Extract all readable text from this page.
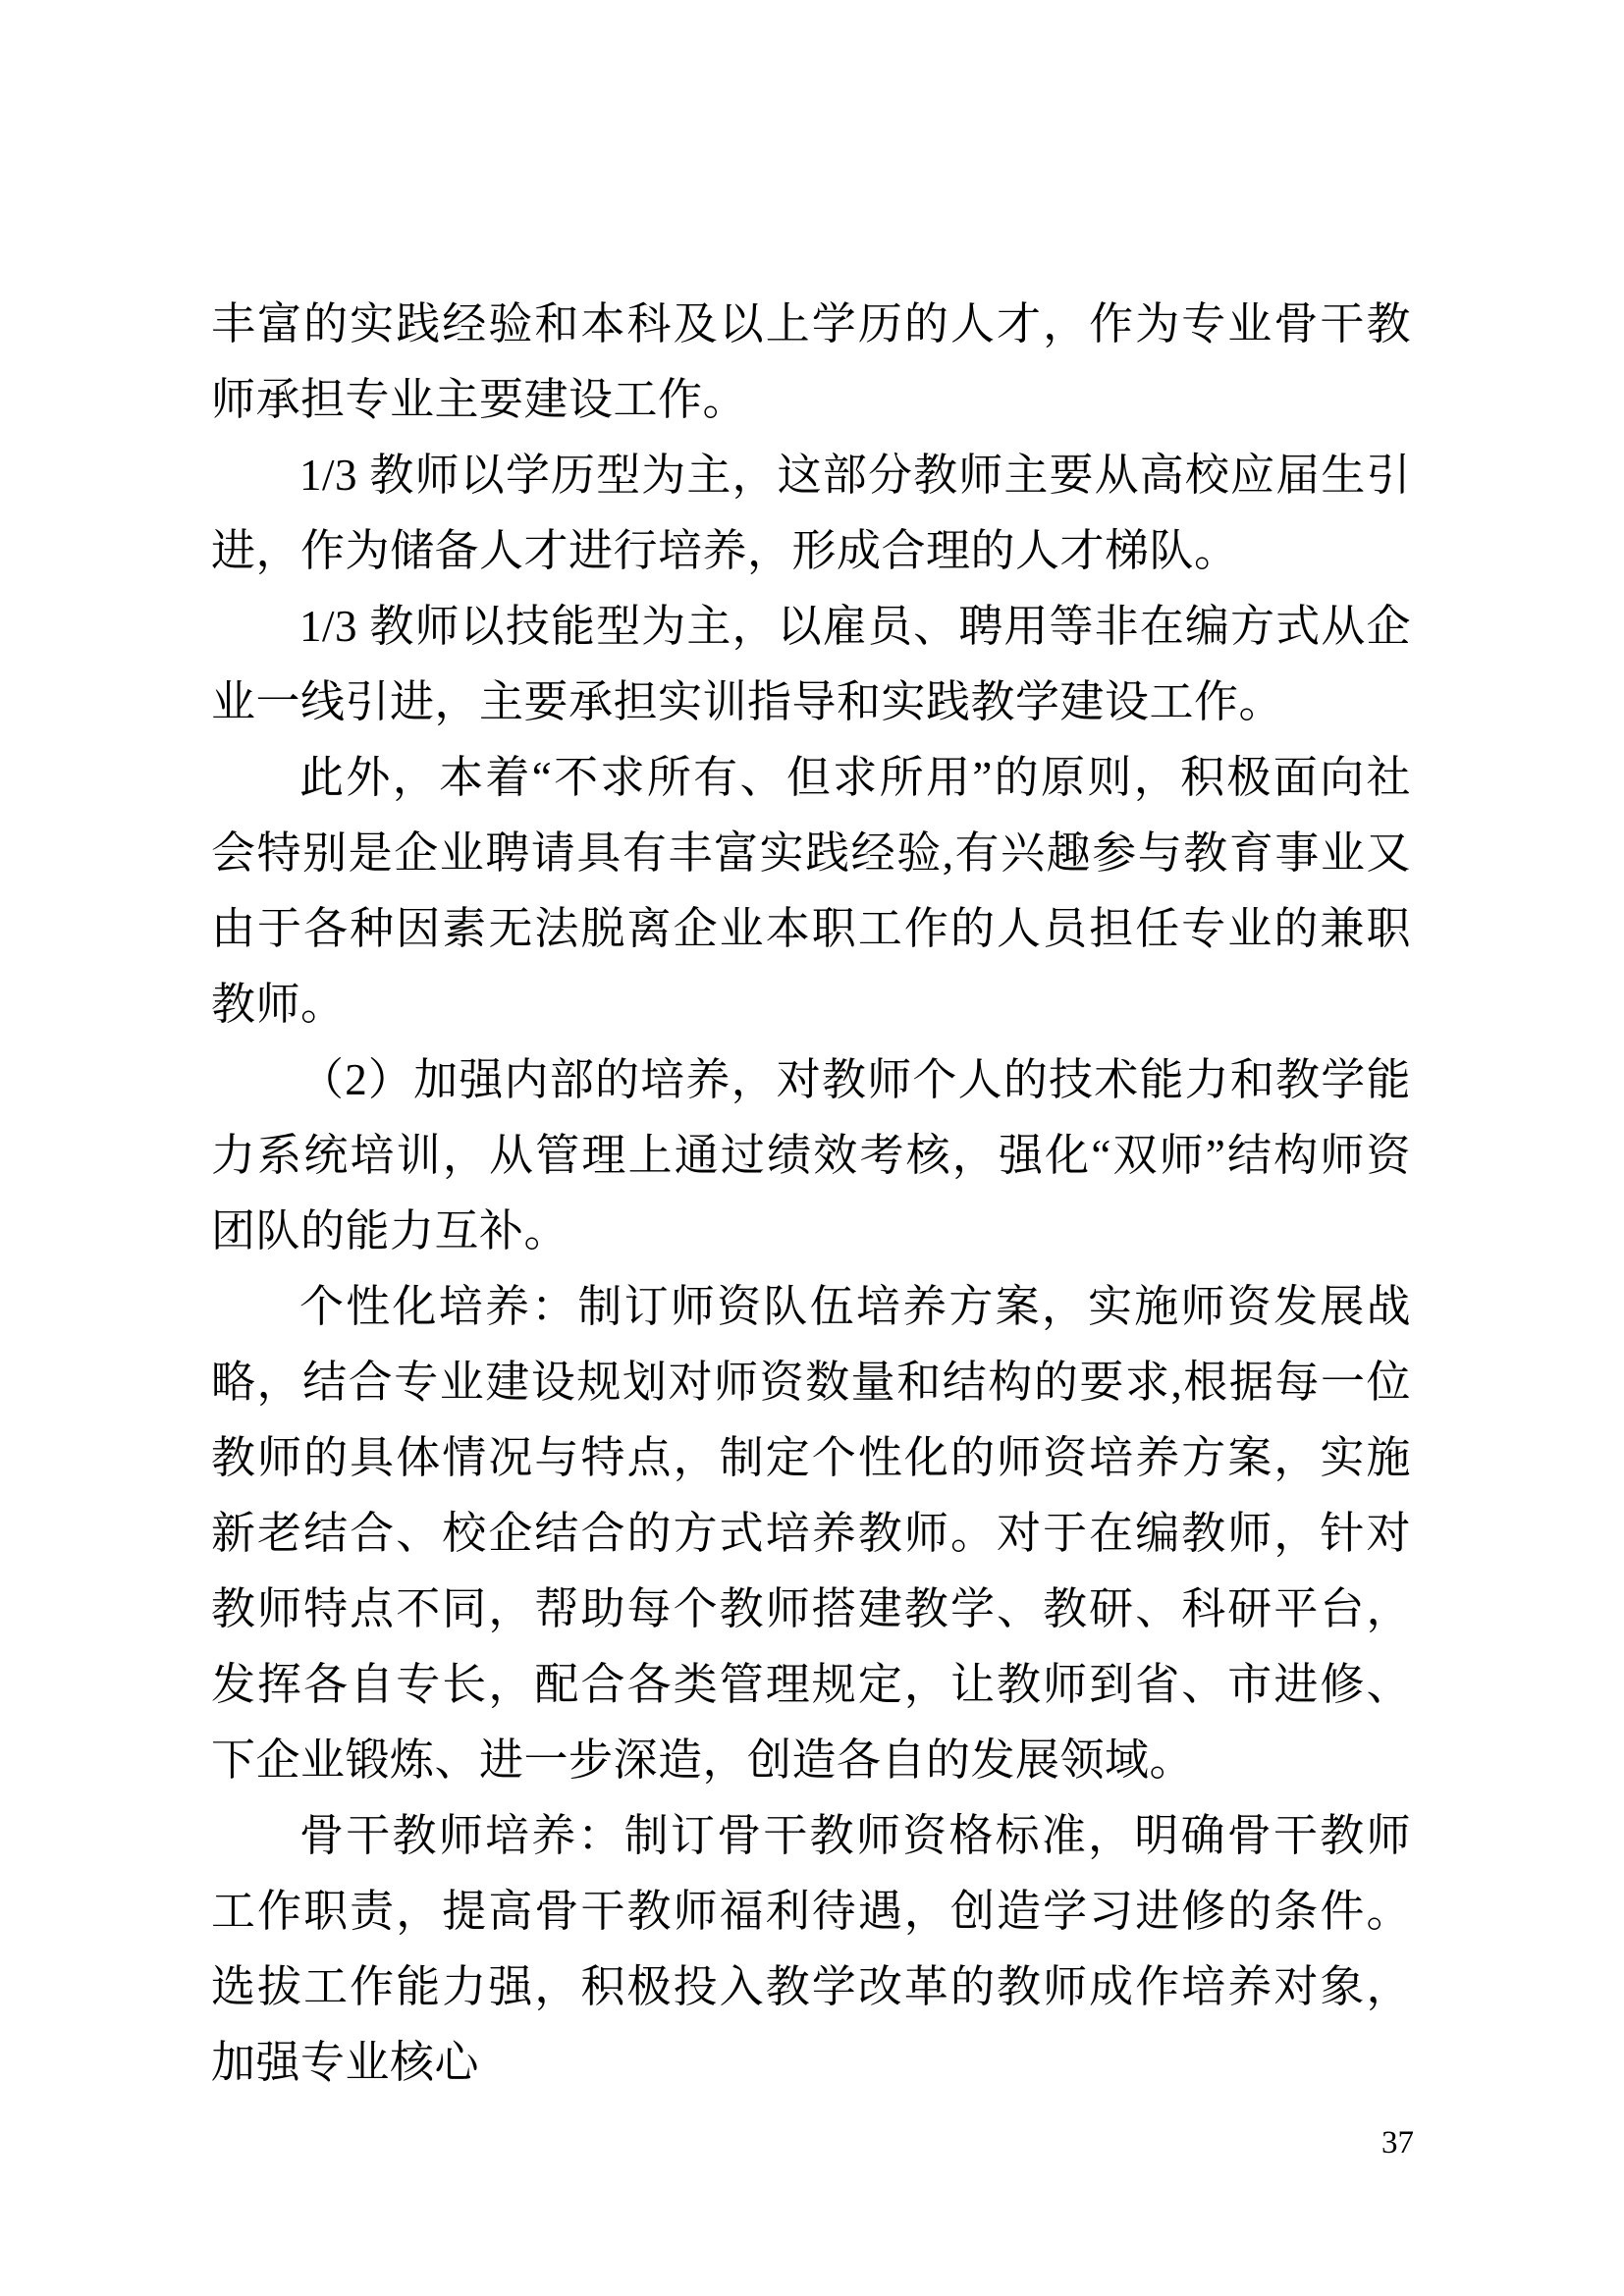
丰富的实践经验和本科及以上学历的人才，作为专业骨干教师承担专业主要建设工作。

1/3 教师以学历型为主，这部分教师主要从高校应届生引进，作为储备人才进行培养，形成合理的人才梯队。

1/3 教师以技能型为主，以雇员、聘用等非在编方式从企业一线引进，主要承担实训指导和实践教学建设工作。

此外，本着“不求所有、但求所用”的原则，积极面向社会特别是企业聘请具有丰富实践经验,有兴趣参与教育事业又由于各种因素无法脱离企业本职工作的人员担任专业的兼职教师。

（2）加强内部的培养，对教师个人的技术能力和教学能力系统培训，从管理上通过绩效考核，强化“双师”结构师资团队的能力互补。

个性化培养：制订师资队伍培养方案，实施师资发展战略，结合专业建设规划对师资数量和结构的要求,根据每一位教师的具体情况与特点，制定个性化的师资培养方案，实施新老结合、校企结合的方式培养教师。对于在编教师，针对教师特点不同，帮助每个教师搭建教学、教研、科研平台，发挥各自专长，配合各类管理规定，让教师到省、市进修、下企业锻炼、进一步深造，创造各自的发展领域。

骨干教师培养：制订骨干教师资格标准，明确骨干教师工作职责，提高骨干教师福利待遇，创造学习进修的条件。选拔工作能力强，积极投入教学改革的教师成作培养对象，加强专业核心

37
